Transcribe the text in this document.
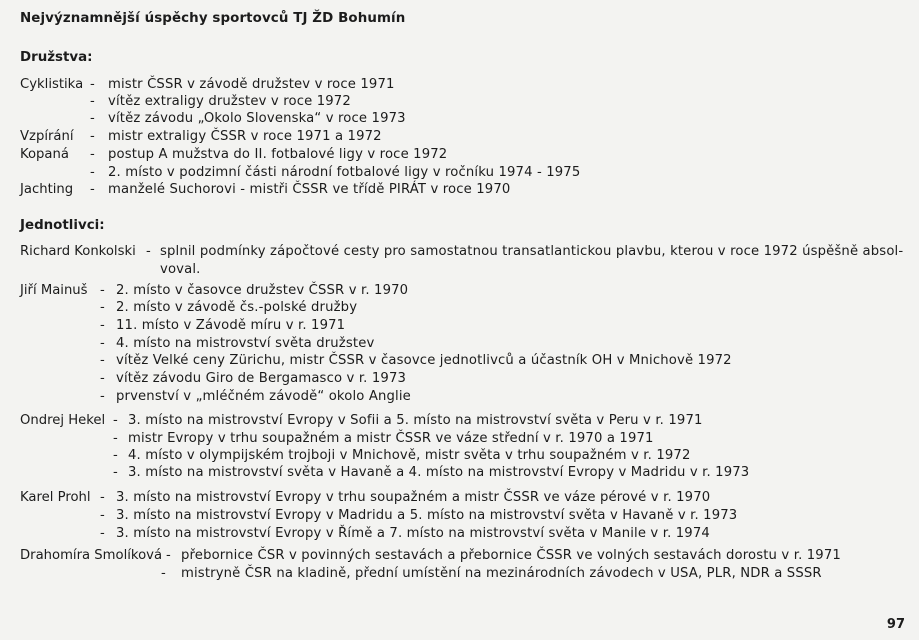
Nejvýznamnější úspěchy sportovců TJ ŽD Bohumín
Družstva:
Cyklistika - mistr ČSSR v závodě družstev v roce 1971
- vítěz extraligy družstev v roce 1972
- vítěz závodu „Okolo Slovenska“ v roce 1973
Vzpírání - mistr extraligy ČSSR v roce 1971 a 1972
Kopaná - postup A mužstva do II. fotbalové ligy v roce 1972
- 2. místo v podzimní části národní fotbalové ligy v ročníku 1974 - 1975
Jachting - manželé Suchorovi - mistři ČSSR ve třídě PIRÁT v roce 1970
Jednotlivci:
Richard Konkolski - splnil podmínky zápočtové cesty pro samostatnou transatlantickou plavbu, kterou v roce 1972 úspěšně absol-
voval.
Jiří Mainuš - 2. místo v časovce družstev ČSSR v r. 1970
- 2. místo v závodě čs.-polské družby
- 11. místo v Závodě míru v r. 1971
- 4. místo na mistrovství světa družstev
- vítěz Velké ceny Zürichu, mistr ČSSR v časovce jednotlivců a účastník OH v Mnichově 1972
- vítěz závodu Giro de Bergamasco v r. 1973
- prvenství v „mléčném závodě“ okolo Anglie
Ondrej Hekel - 3. místo na mistrovství Evropy v Sofii a 5. místo na mistrovství světa v Peru v r. 1971
- mistr Evropy v trhu soupažném a mistr ČSSR ve váze střední v r. 1970 a 1971
- 4. místo v olympijském trojboji v Mnichově, mistr světa v trhu soupažném v r. 1972
- 3. místo na mistrovství světa v Havaně a 4. místo na mistrovství Evropy v Madridu v r. 1973
Karel Prohl - 3. místo na mistrovství Evropy v trhu soupažném a mistr ČSSR ve váze pérové v r. 1970
- 3. místo na mistrovství Evropy v Madridu a 5. místo na mistrovství světa v Havaně v r. 1973
- 3. místo na mistrovství Evropy v Římě a 7. místo na mistrovství světa v Manile v r. 1974
Drahomíra Smolíková - přebornice ČSR v povinných sestavách a přebornice ČSSR ve volných sestavách dorostu v r. 1971
- mistryně ČSR na kladině, přední umístění na mezinárodních závodech v USA, PLR, NDR a SSSR
97
